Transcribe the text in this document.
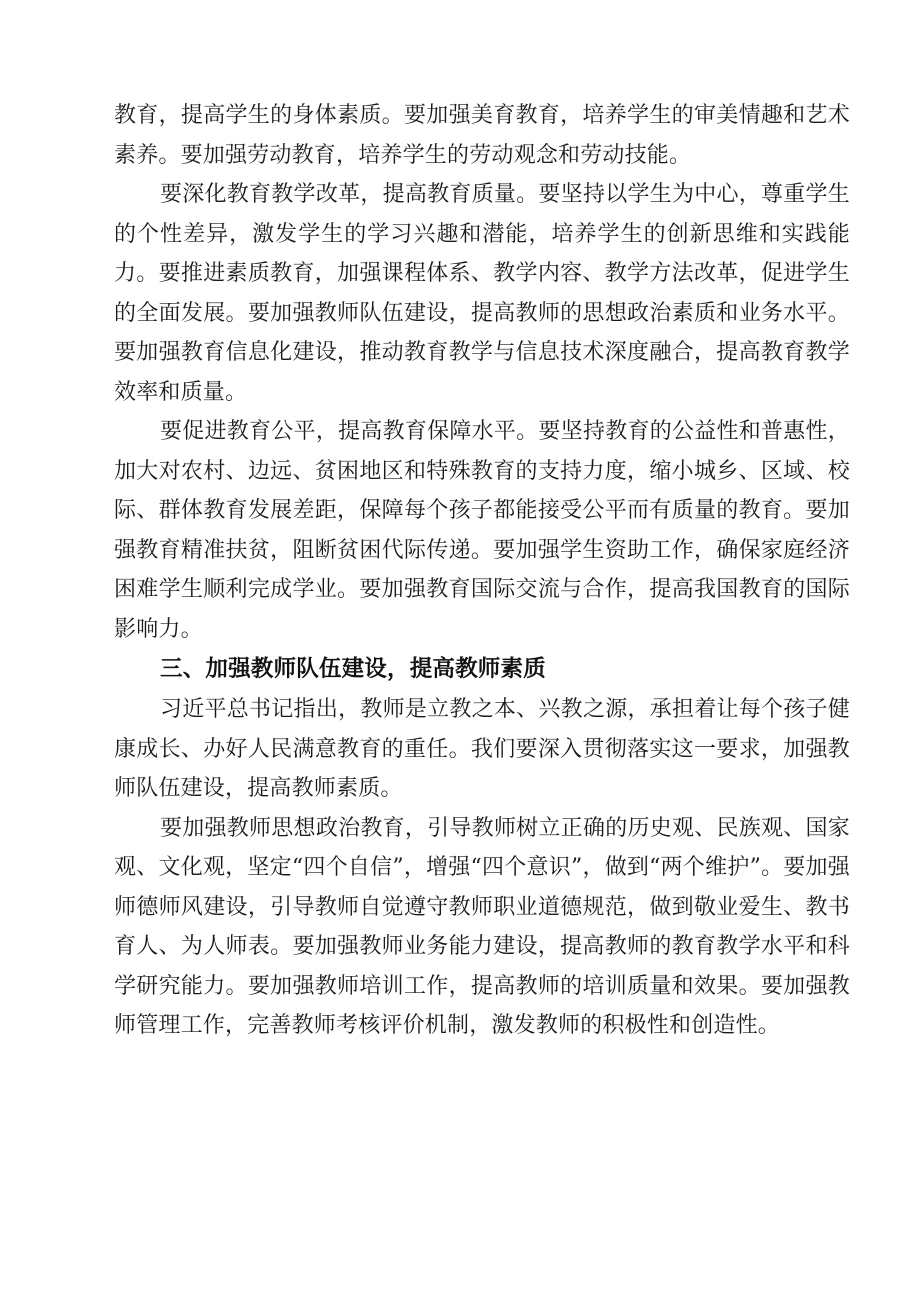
教育，提高学生的身体素质。要加强美育教育，培养学生的审美情趣和艺术素养。要加强劳动教育，培养学生的劳动观念和劳动技能。

要深化教育教学改革，提高教育质量。要坚持以学生为中心，尊重学生的个性差异，激发学生的学习兴趣和潜能，培养学生的创新思维和实践能力。要推进素质教育，加强课程体系、教学内容、教学方法改革，促进学生的全面发展。要加强教师队伍建设，提高教师的思想政治素质和业务水平。要加强教育信息化建设，推动教育教学与信息技术深度融合，提高教育教学效率和质量。

要促进教育公平，提高教育保障水平。要坚持教育的公益性和普惠性，加大对农村、边远、贫困地区和特殊教育的支持力度，缩小城乡、区域、校际、群体教育发展差距，保障每个孩子都能接受公平而有质量的教育。要加强教育精准扶贫，阻断贫困代际传递。要加强学生资助工作，确保家庭经济困难学生顺利完成学业。要加强教育国际交流与合作，提高我国教育的国际影响力。

三、加强教师队伍建设，提高教师素质

习近平总书记指出，教师是立教之本、兴教之源，承担着让每个孩子健康成长、办好人民满意教育的重任。我们要深入贯彻落实这一要求，加强教师队伍建设，提高教师素质。

要加强教师思想政治教育，引导教师树立正确的历史观、民族观、国家观、文化观，坚定“四个自信”，增强“四个意识”，做到“两个维护”。要加强师德师风建设，引导教师自觉遵守教师职业道德规范，做到敬业爱生、教书育人、为人师表。要加强教师业务能力建设，提高教师的教育教学水平和科学研究能力。要加强教师培训工作，提高教师的培训质量和效果。要加强教师管理工作，完善教师考核评价机制，激发教师的积极性和创造性。
